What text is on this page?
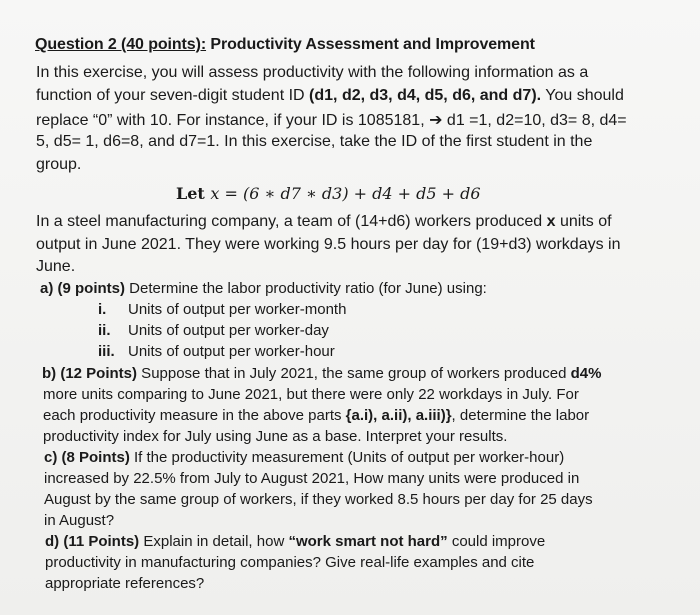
Question 2 (40 points): Productivity Assessment and Improvement
In this exercise, you will assess productivity with the following information as a
function of your seven-digit student ID (d1, d2, d3, d4, d5, d6, and d7). You should
replace “0” with 10. For instance, if your ID is 1085181, ➔ d1 =1, d2=10, d3= 8, d4=
5, d5= 1, d6=8, and d7=1. In this exercise, take the ID of the first student in the
group.
Let x = (6 ∗ d7 ∗ d3) + d4 + d5 + d6
In a steel manufacturing company, a team of (14+d6) workers produced x units of
output in June 2021. They were working 9.5 hours per day for (19+d3) workdays in
June.
a) (9 points) Determine the labor productivity ratio (for June) using:
i. Units of output per worker-month
ii. Units of output per worker-day
iii. Units of output per worker-hour
b) (12 Points) Suppose that in July 2021, the same group of workers produced d4%
more units comparing to June 2021, but there were only 22 workdays in July. For
each productivity measure in the above parts {a.i), a.ii), a.iii)}, determine the labor
productivity index for July using June as a base. Interpret your results.
c) (8 Points) If the productivity measurement (Units of output per worker-hour)
increased by 22.5% from July to August 2021, How many units were produced in
August by the same group of workers, if they worked 8.5 hours per day for 25 days
in August?
d) (11 Points) Explain in detail, how “work smart not hard” could improve
productivity in manufacturing companies? Give real-life examples and cite
appropriate references?
